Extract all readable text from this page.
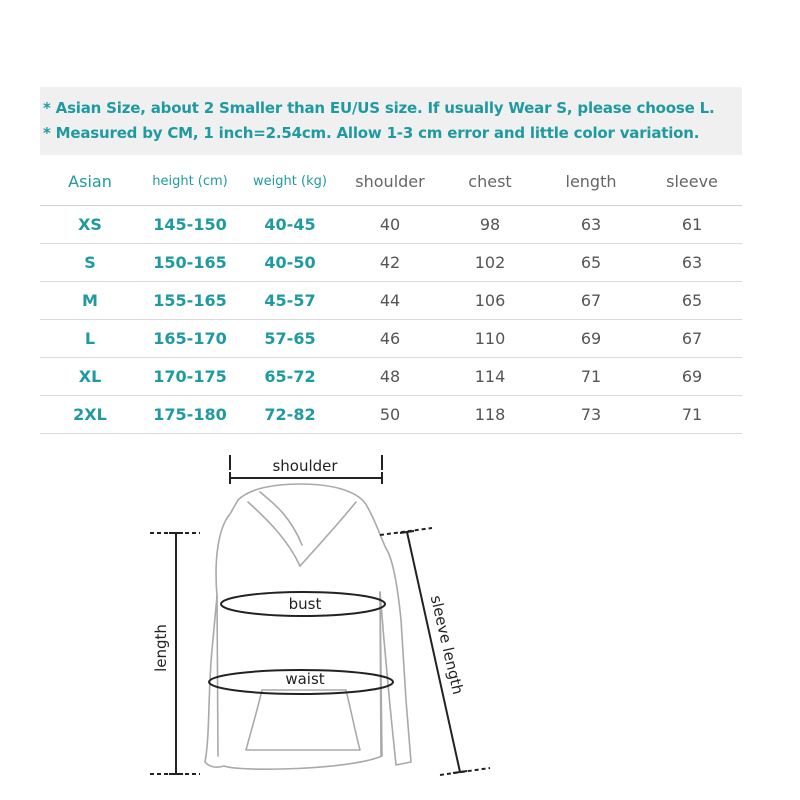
* Asian Size, about 2 Smaller than EU/US size. If usually Wear S, please choose L.
* Measured by CM, 1 inch=2.54cm. Allow 1-3 cm error and little color variation.
Asian	height (cm)	weight (kg)	shoulder	chest	length	sleeve
XS	145-150	40-45	40	98	63	61
S	150-165	40-50	42	102	65	63
M	155-165	45-57	44	106	67	65
L	165-170	57-65	46	110	69	67
XL	170-175	65-72	48	114	71	69
2XL	175-180	72-82	50	118	73	71
shoulder
bust
waist
length	sleeve length
